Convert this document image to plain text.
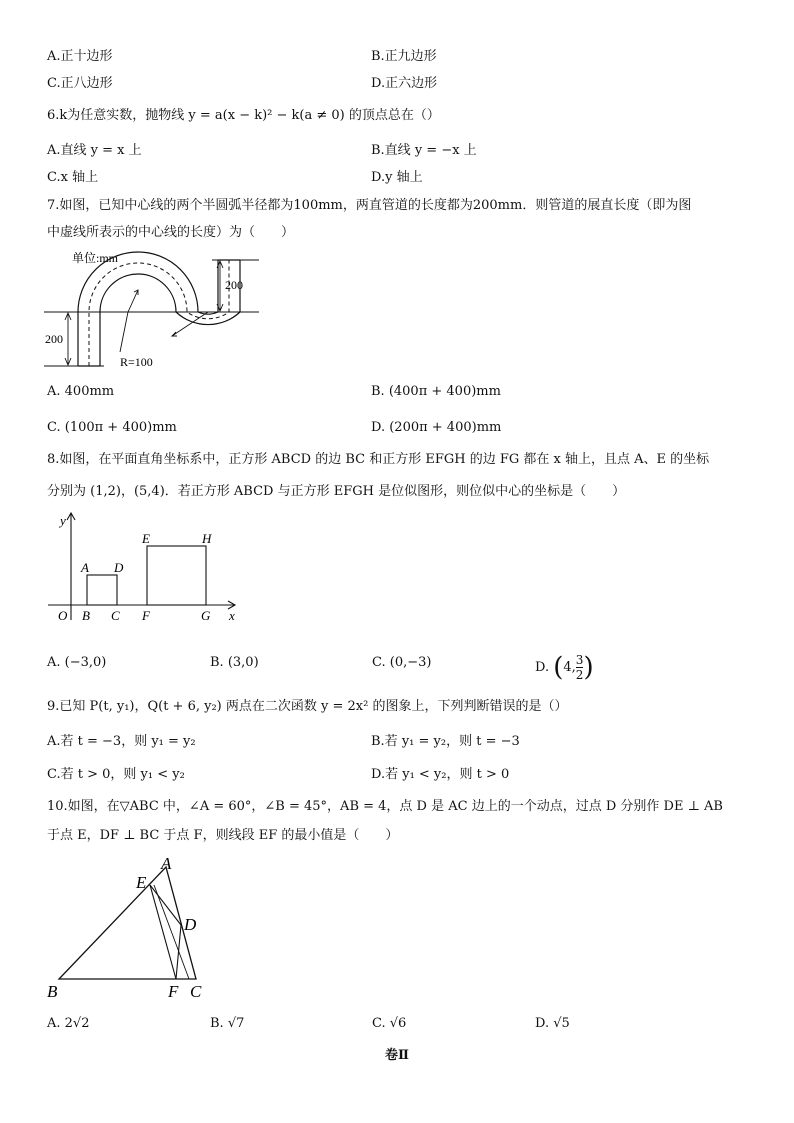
A.正十边形	B.正九边形
C.正八边形	D.正六边形
6.k为任意实数，抛物线 y = a(x − k)² − k(a ≠ 0) 的顶点总在（）
A.直线 y = x 上	B.直线 y = −x 上
C.x 轴上	D.y 轴上
7.如图，已知中心线的两个半圆弧半径都为100mm，两直管道的长度都为200mm．则管道的展直长度（即为图
中虚线所表示的中心线的长度）为（　　）
单位:mm
200
200
R=100
A. 400mm	B. (400π + 400)mm
C. (100π + 400)mm	D. (200π + 400)mm
8.如图，在平面直角坐标系中，正方形 ABCD 的边 BC 和正方形 EFGH 的边 FG 都在 x 轴上，且点 A、E 的坐标
分别为 (1,2)，(5,4)．若正方形 ABCD 与正方形 EFGH 是位似图形，则位似中心的坐标是（　　）
y
x
O
A D
B C
E	H
F	G
A. (−3,0)	B. (3,0)	C. (0,−3)	D. (4, $\frac{3}{2}$ )
9.已知 P(t, y₁)，Q(t + 6, y₂) 两点在二次函数 y = 2x² 的图象上，下列判断错误的是（）
A.若 t = −3，则 y₁ = y₂	B.若 y₁ = y₂，则 t = −3
C.若 t > 0，则 y₁ < y₂	D.若 y₁ < y₂，则 t > 0
10.如图，在▽ABC 中，∠A = 60°，∠B = 45°，AB = 4，点 D 是 AC 边上的一个动点，过点 D 分别作 DE ⊥ AB
于点 E，DF ⊥ BC 于点 F，则线段 EF 的最小值是（　　）
A
E
D
B	F C
A. 2√2	B. √7	C. √6	D. √5
卷Ⅱ
